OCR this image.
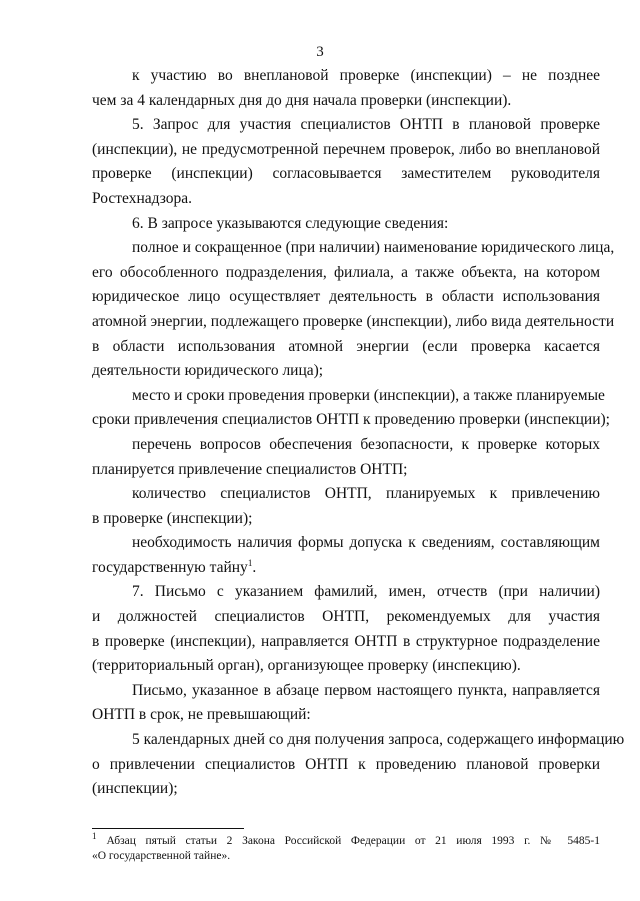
3
к участию во внеплановой проверке (инспекции) – не позднее
чем за 4 календарных дня до дня начала проверки (инспекции).
5. Запрос для участия специалистов ОНТП в плановой проверке
(инспекции), не предусмотренной перечнем проверок, либо во внеплановой
проверке (инспекции) согласовывается заместителем руководителя
Ростехнадзора.
6. В запросе указываются следующие сведения:
полное и сокращенное (при наличии) наименование юридического лица,
его обособленного подразделения, филиала, а также объекта, на котором
юридическое лицо осуществляет деятельность в области использования
атомной энергии, подлежащего проверке (инспекции), либо вида деятельности
в области использования атомной энергии (если проверка касается
деятельности юридического лица);
место и сроки проведения проверки (инспекции), а также планируемые
сроки привлечения специалистов ОНТП к проведению проверки (инспекции);
перечень вопросов обеспечения безопасности, к проверке которых
планируется привлечение специалистов ОНТП;
количество специалистов ОНТП, планируемых к привлечению
в проверке (инспекции);
необходимость наличия формы допуска к сведениям, составляющим
государственную тайну$^1$.
7. Письмо с указанием фамилий, имен, отчеств (при наличии)
и должностей специалистов ОНТП, рекомендуемых для участия
в проверке (инспекции), направляется ОНТП в структурное подразделение
(территориальный орган), организующее проверку (инспекцию).
Письмо, указанное в абзаце первом настоящего пункта, направляется
ОНТП в срок, не превышающий:
5 календарных дней со дня получения запроса, содержащего информацию
о привлечении специалистов ОНТП к проведению плановой проверки
(инспекции);
$^1$ Абзац пятый статьи 2 Закона Российской Федерации от 21 июля 1993 г. № 5485-1
«О государственной тайне».
